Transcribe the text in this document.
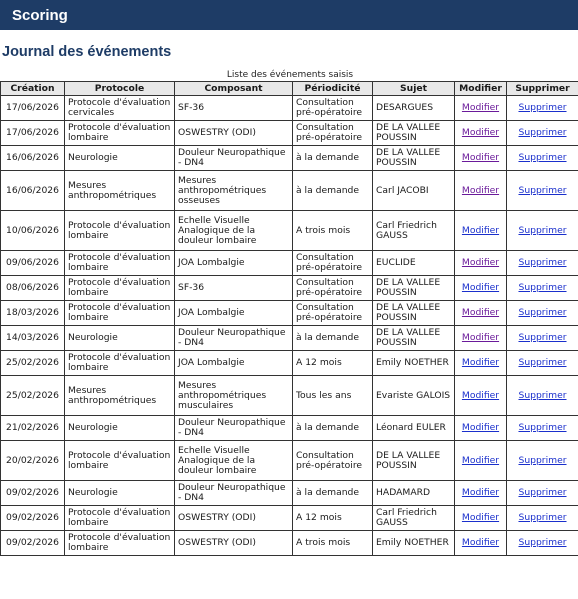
Scoring
Journal des événements
Liste des événements saisis
Création	Protocole	Composant	Périodicité	Sujet	Modifier	Supprimer
17/06/2026	Protocole d'évaluation cervicales	SF-36	Consultation pré-opératoire	DESARGUES	Modifier	Supprimer
17/06/2026	Protocole d'évaluation lombaire	OSWESTRY (ODI)	Consultation pré-opératoire	DE LA VALLEE POUSSIN	Modifier	Supprimer
16/06/2026	Neurologie	Douleur Neuropathique - DN4	à la demande	DE LA VALLEE POUSSIN	Modifier	Supprimer
16/06/2026	Mesures anthropométriques	Mesures anthropométriques osseuses	à la demande	Carl JACOBI	Modifier	Supprimer
10/06/2026	Protocole d'évaluation lombaire	Echelle Visuelle Analogique de la douleur lombaire	A trois mois	Carl Friedrich GAUSS	Modifier	Supprimer
09/06/2026	Protocole d'évaluation lombaire	JOA Lombalgie	Consultation pré-opératoire	EUCLIDE	Modifier	Supprimer
08/06/2026	Protocole d'évaluation lombaire	SF-36	Consultation pré-opératoire	DE LA VALLEE POUSSIN	Modifier	Supprimer
18/03/2026	Protocole d'évaluation lombaire	JOA Lombalgie	Consultation pré-opératoire	DE LA VALLEE POUSSIN	Modifier	Supprimer
14/03/2026	Neurologie	Douleur Neuropathique - DN4	à la demande	DE LA VALLEE POUSSIN	Modifier	Supprimer
25/02/2026	Protocole d'évaluation lombaire	JOA Lombalgie	A 12 mois	Emily NOETHER	Modifier	Supprimer
25/02/2026	Mesures anthropométriques	Mesures anthropométriques musculaires	Tous les ans	Evariste GALOIS	Modifier	Supprimer
21/02/2026	Neurologie	Douleur Neuropathique - DN4	à la demande	Léonard EULER	Modifier	Supprimer
20/02/2026	Protocole d'évaluation lombaire	Echelle Visuelle Analogique de la douleur lombaire	Consultation pré-opératoire	DE LA VALLEE POUSSIN	Modifier	Supprimer
09/02/2026	Neurologie	Douleur Neuropathique - DN4	à la demande	HADAMARD	Modifier	Supprimer
09/02/2026	Protocole d'évaluation lombaire	OSWESTRY (ODI)	A 12 mois	Carl Friedrich GAUSS	Modifier	Supprimer
09/02/2026	Protocole d'évaluation lombaire	OSWESTRY (ODI)	A trois mois	Emily NOETHER	Modifier	Supprimer
